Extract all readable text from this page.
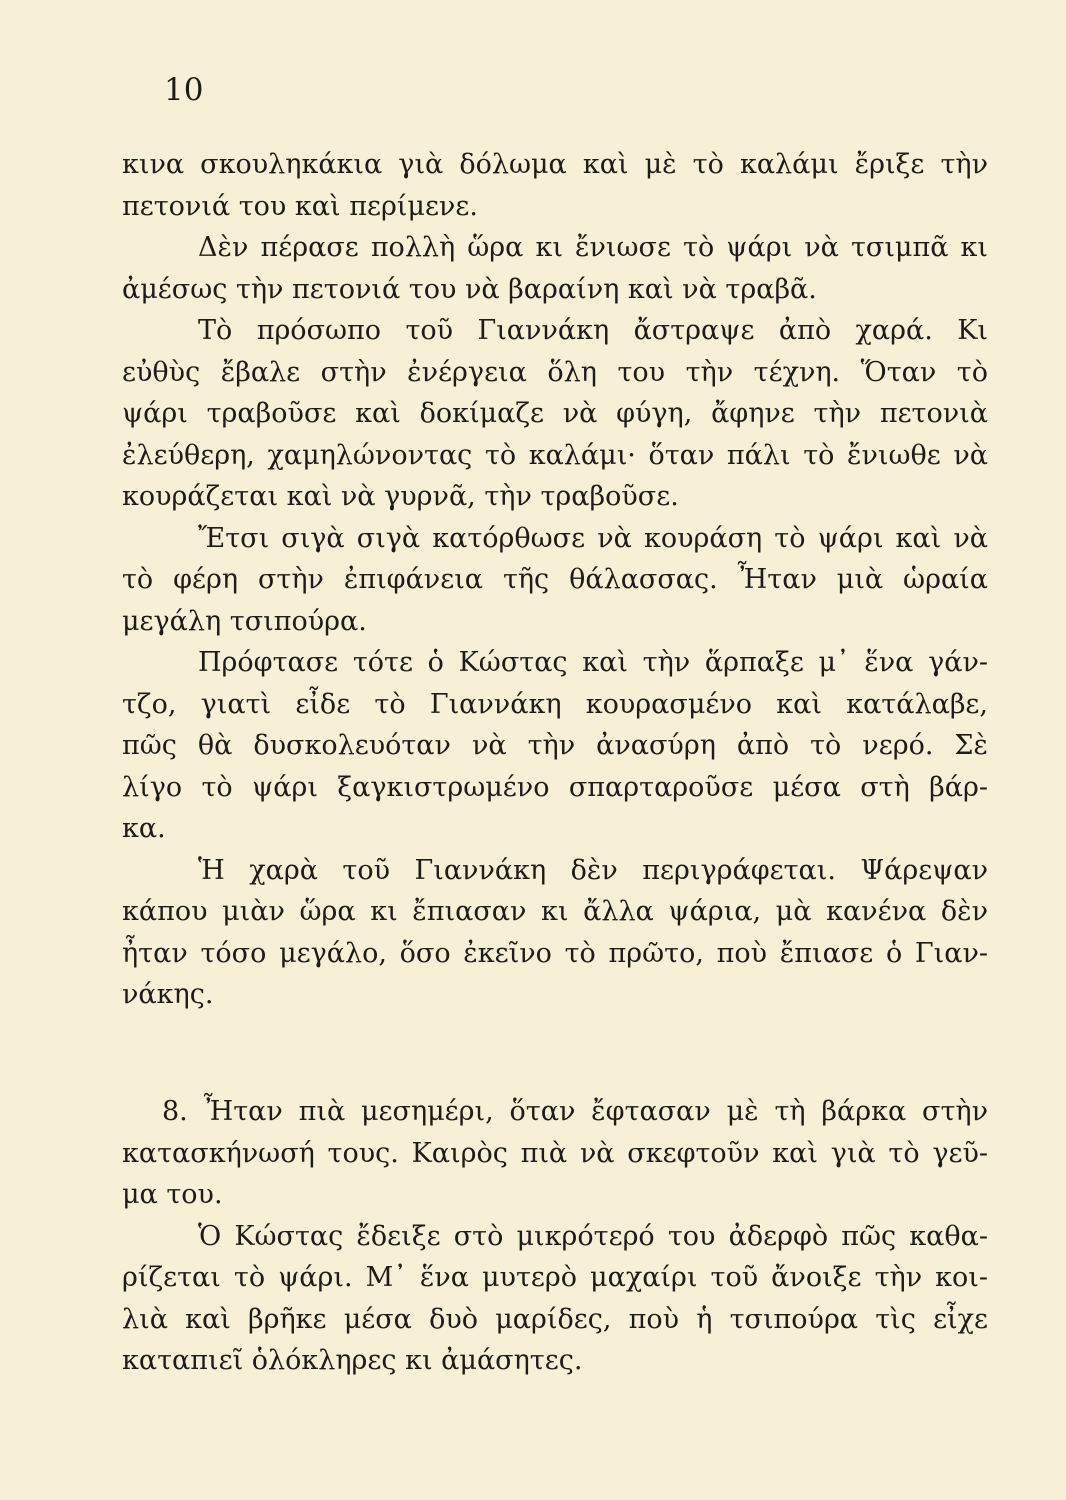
10
κινα σκουληκάκια γιὰ δόλωμα καὶ μὲ τὸ καλάμι ἔριξε τὴν
πετονιά του καὶ περίμενε.
Δὲν πέρασε πολλὴ ὥρα κι ἔνιωσε τὸ ψάρι νὰ τσιμπᾶ κι
ἀμέσως τὴν πετονιά του νὰ βαραίνη καὶ νὰ τραβᾶ.
Τὸ πρόσωπο τοῦ Γιαννάκη ἄστραψε ἀπὸ χαρά. Κι
εὐθὺς ἔβαλε στὴν ἐνέργεια ὅλη του τὴν τέχνη. Ὅταν τὸ
ψάρι τραβοῦσε καὶ δοκίμαζε νὰ φύγη, ἄφηνε τὴν πετονιὰ
ἐλεύθερη, χαμηλώνοντας τὸ καλάμι· ὅταν πάλι τὸ ἔνιωθε νὰ
κουράζεται καὶ νὰ γυρνᾶ, τὴν τραβοῦσε.
Ἔτσι σιγὰ σιγὰ κατόρθωσε νὰ κουράση τὸ ψάρι καὶ νὰ
τὸ φέρη στὴν ἐπιφάνεια τῆς θάλασσας. Ἦταν μιὰ ὡραία
μεγάλη τσιπούρα.
Πρόφτασε τότε ὁ Κώστας καὶ τὴν ἅρπαξε μ᾽ ἕνα γάν-
τζο, γιατὶ εἶδε τὸ Γιαννάκη κουρασμένο καὶ κατάλαβε,
πῶς θὰ δυσκολευόταν νὰ τὴν ἀνασύρη ἀπὸ τὸ νερό. Σὲ
λίγο τὸ ψάρι ξαγκιστρωμένο σπαρταροῦσε μέσα στὴ βάρ-
κα.
Ἡ χαρὰ τοῦ Γιαννάκη δὲν περιγράφεται. Ψάρεψαν
κάπου μιὰν ὥρα κι ἔπιασαν κι ἄλλα ψάρια, μὰ κανένα δὲν
ἦταν τόσο μεγάλο, ὅσο ἐκεῖνο τὸ πρῶτο, ποὺ ἔπιασε ὁ Γιαν-
νάκης.
8. Ἦταν πιὰ μεσημέρι, ὅταν ἔφτασαν μὲ τὴ βάρκα στὴν
κατασκήνωσή τους. Καιρὸς πιὰ νὰ σκεφτοῦν καὶ γιὰ τὸ γεῦ-
μα του.
Ὁ Κώστας ἔδειξε στὸ μικρότερό του ἀδερφὸ πῶς καθα-
ρίζεται τὸ ψάρι. Μ᾽ ἕνα μυτερὸ μαχαίρι τοῦ ἄνοιξε τὴν κοι-
λιὰ καὶ βρῆκε μέσα δυὸ μαρίδες, ποὺ ἡ τσιπούρα τὶς εἶχε
καταπιεῖ ὁλόκληρες κι ἀμάσητες.
